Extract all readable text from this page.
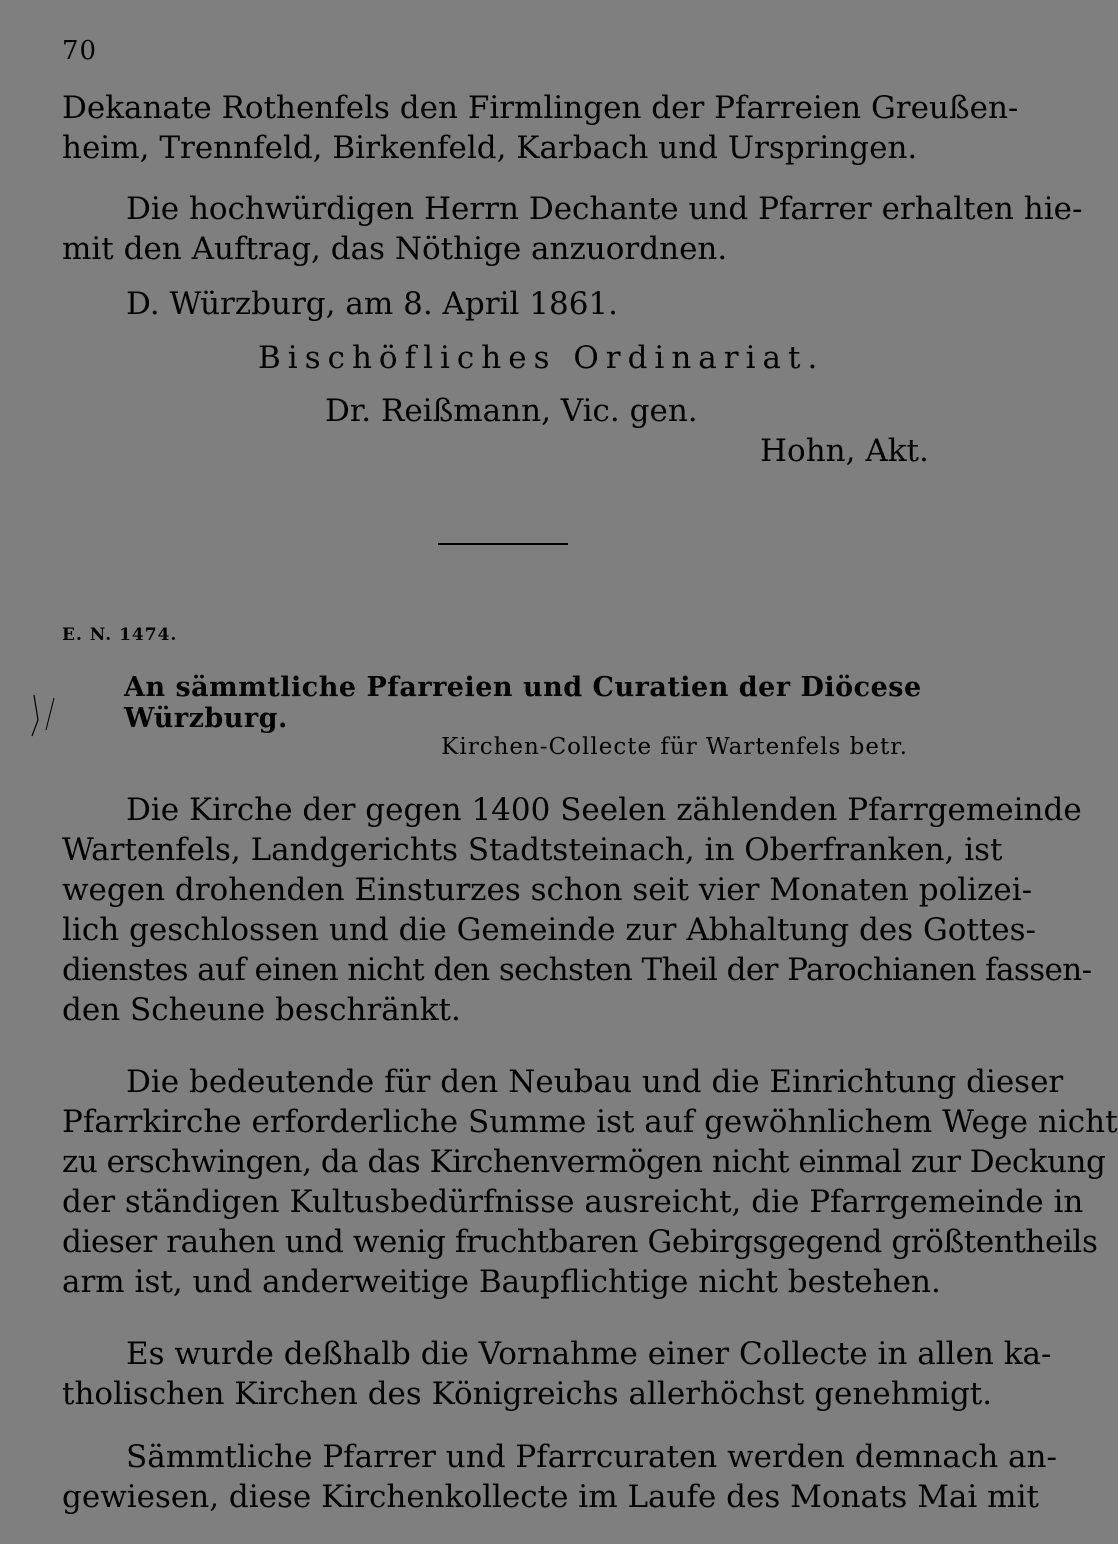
70

Dekanate Rothenfels den Firmlingen der Pfarreien Greußen-
heim, Trennfeld, Birkenfeld, Karbach und Urspringen.

Die hochwürdigen Herrn Dechante und Pfarrer erhalten hie-
mit den Auftrag, das Nöthige anzuordnen.

D. Würzburg, am 8. April 1861.
Bischöfliches Ordinariat.
Dr. Reißmann, Vic. gen.
Hohn, Akt.
E. N. 1474.
An sämmtliche Pfarreien und Curatien der Diöcese Würzburg.
Kirchen-Collecte für Wartenfels betr.

Die Kirche der gegen 1400 Seelen zählenden Pfarrgemeinde
Wartenfels, Landgerichts Stadtsteinach, in Oberfranken, ist
wegen drohenden Einsturzes schon seit vier Monaten polizei-
lich geschlossen und die Gemeinde zur Abhaltung des Gottes-
dienstes auf einen nicht den sechsten Theil der Parochianen fassen-
den Scheune beschränkt.

Die bedeutende für den Neubau und die Einrichtung dieser
Pfarrkirche erforderliche Summe ist auf gewöhnlichem Wege nicht
zu erschwingen, da das Kirchenvermögen nicht einmal zur Deckung
der ständigen Kultusbedürfnisse ausreicht, die Pfarrgemeinde in
dieser rauhen und wenig fruchtbaren Gebirgsgegend größtentheils
arm ist, und anderweitige Baupflichtige nicht bestehen.

Es wurde deßhalb die Vornahme einer Collecte in allen ka-
tholischen Kirchen des Königreichs allerhöchst genehmigt.

Sämmtliche Pfarrer und Pfarrcuraten werden demnach an-
gewiesen, diese Kirchenkollecte im Laufe des Monats Mai mit
